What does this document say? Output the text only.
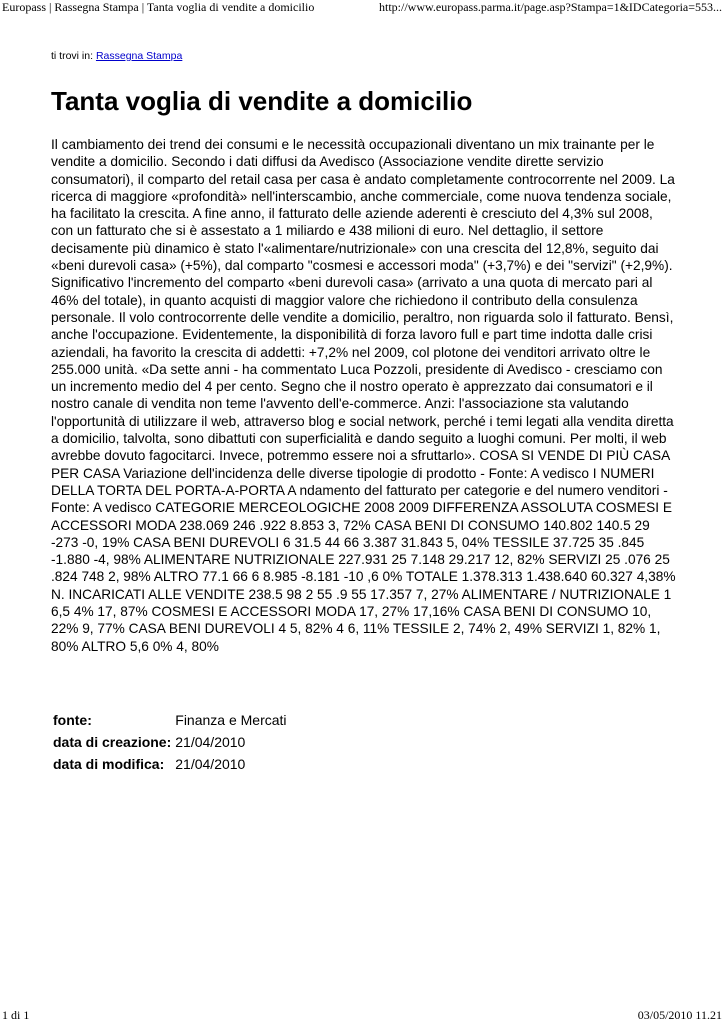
Europass | Rassegna Stampa | Tanta voglia di vendite a domicilio	http://www.europass.parma.it/page.asp?Stampa=1&IDCategoria=553...
ti trovi in: Rassegna Stampa
Tanta voglia di vendite a domicilio

Il cambiamento dei trend dei consumi e le necessità occupazionali diventano un mix trainante per le vendite a domicilio. Secondo i dati diffusi da Avedisco (Associazione vendite dirette servizio consumatori), il comparto del retail casa per casa è andato completamente controcorrente nel 2009. La ricerca di maggiore «profondità» nell'interscambio, anche commerciale, come nuova tendenza sociale, ha facilitato la crescita. A fine anno, il fatturato delle aziende aderenti è cresciuto del 4,3% sul 2008, con un fatturato che si è assestato a 1 miliardo e 438 milioni di euro. Nel dettaglio, il settore decisamente più dinamico è stato l'«alimentare/nutrizionale» con una crescita del 12,8%, seguito dai «beni durevoli casa» (+5%), dal comparto "cosmesi e accessori moda" (+3,7%) e dei "servizi" (+2,9%). Significativo l'incremento del comparto «beni durevoli casa» (arrivato a una quota di mercato pari al 46% del totale), in quanto acquisti di maggior valore che richiedono il contributo della consulenza personale. Il volo controcorrente delle vendite a domicilio, peraltro, non riguarda solo il fatturato. Bensì, anche l'occupazione. Evidentemente, la disponibilità di forza lavoro full e part time indotta dalle crisi aziendali, ha favorito la crescita di addetti: +7,2% nel 2009, col plotone dei venditori arrivato oltre le 255.000 unità. «Da sette anni - ha commentato Luca Pozzoli, presidente di Avedisco - cresciamo con un incremento medio del 4 per cento. Segno che il nostro operato è apprezzato dai consumatori e il nostro canale di vendita non teme l'avvento dell'e-commerce. Anzi: l'associazione sta valutando l'opportunità di utilizzare il web, attraverso blog e social network, perché i temi legati alla vendita diretta a domicilio, talvolta, sono dibattuti con superficialità e dando seguito a luoghi comuni. Per molti, il web avrebbe dovuto fagocitarci. Invece, potremmo essere noi a sfruttarlo». COSA SI VENDE DI PIÙ CASA PER CASA Variazione dell'incidenza delle diverse tipologie di prodotto - Fonte: A vedisco I NUMERI DELLA TORTA DEL PORTA-A-PORTA A ndamento del fatturato per categorie e del numero venditori - Fonte: A vedisco CATEGORIE MERCEOLOGICHE 2008 2009 DIFFERENZA ASSOLUTA COSMESI E ACCESSORI MODA 238.069 246 .922 8.853 3, 72% CASA BENI DI CONSUMO 140.802 140.5 29 -273 -0, 19% CASA BENI DUREVOLI 6 31.5 44 66 3.387 31.843 5, 04% TESSILE 37.725 35 .845 -1.880 -4, 98% ALIMENTARE NUTRIZIONALE 227.931 25 7.148 29.217 12, 82% SERVIZI 25 .076 25 .824 748 2, 98% ALTRO 77.1 66 6 8.985 -8.181 -10 ,6 0% TOTALE 1.378.313 1.438.640 60.327 4,38% N. INCARICATI ALLE VENDITE 238.5 98 2 55 .9 55 17.357 7, 27% ALIMENTARE / NUTRIZIONALE 1 6,5 4% 17, 87% COSMESI E ACCESSORI MODA 17, 27% 17,16% CASA BENI DI CONSUMO 10, 22% 9, 77% CASA BENI DUREVOLI 4 5, 82% 4 6, 11% TESSILE 2, 74% 2, 49% SERVIZI 1, 82% 1, 80% ALTRO 5,6 0% 4, 80%

fonte:	Finanza e Mercati
data di creazione:	21/04/2010
data di modifica:	21/04/2010
1 di 1	03/05/2010 11.21
